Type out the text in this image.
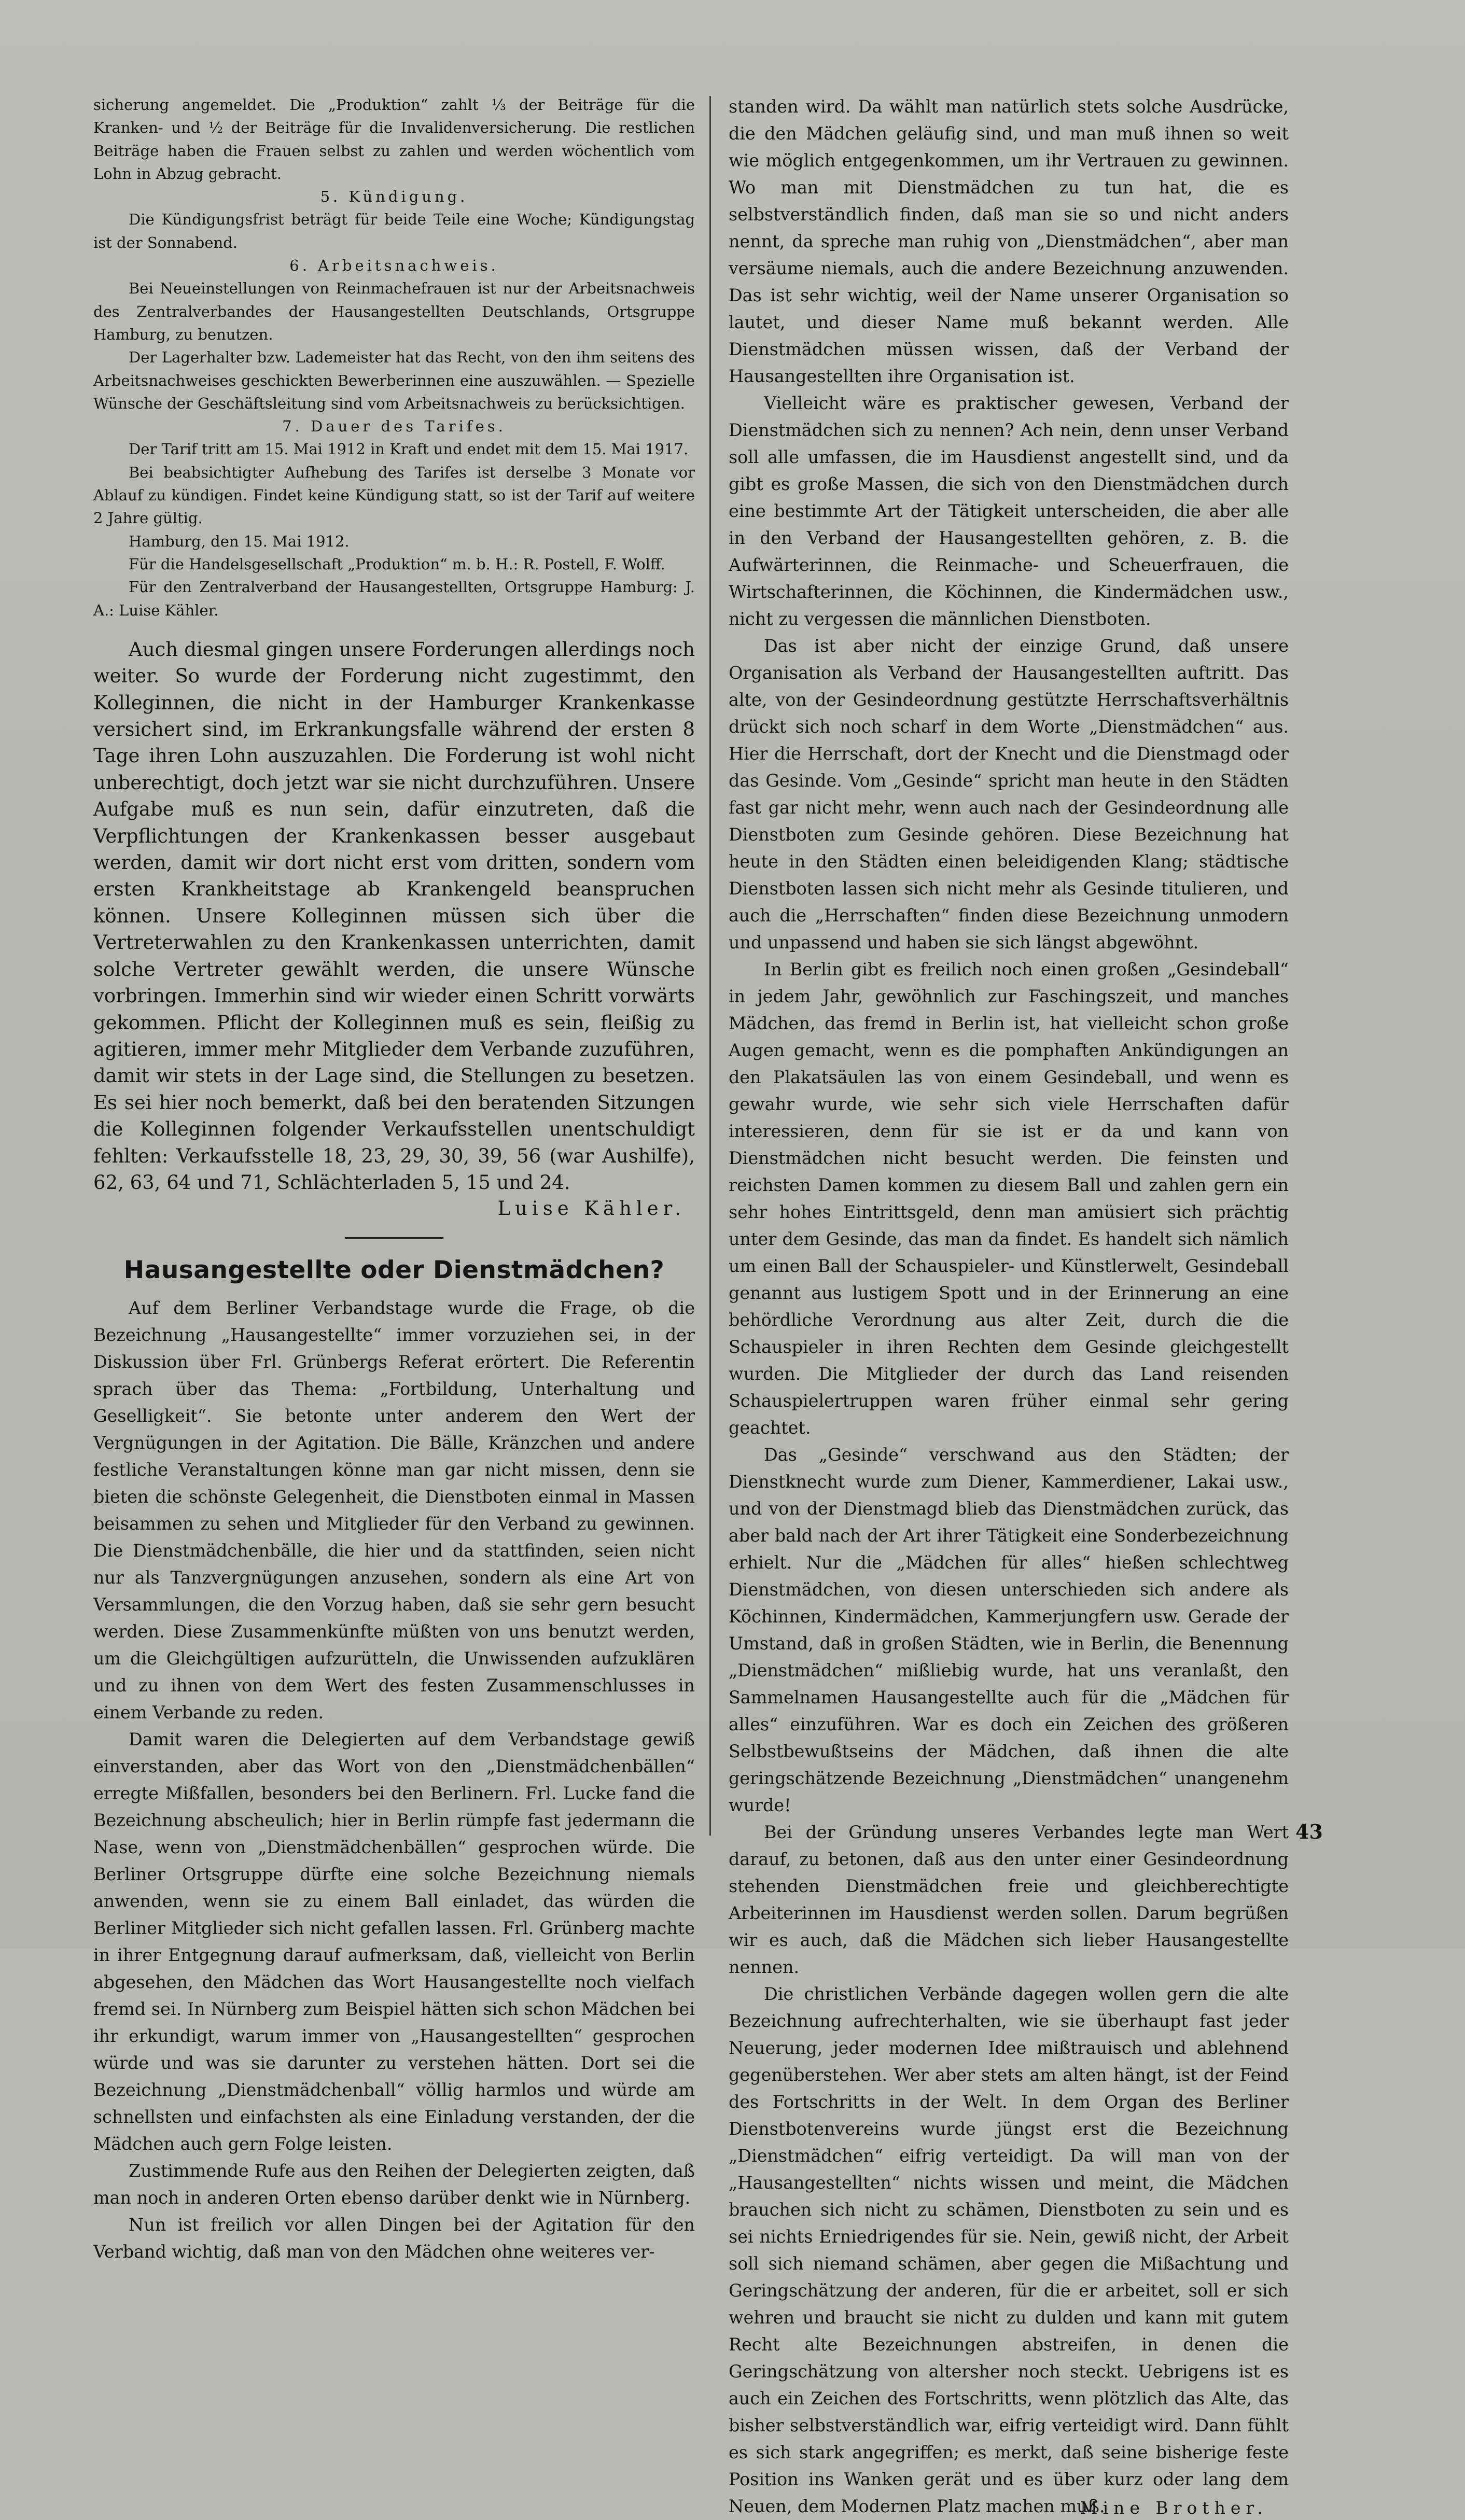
sicherung angemeldet. Die „Produktion“ zahlt ⅓ der Beiträge für die Kranken- und ½ der Beiträge für die Invalidenversicherung. Die restlichen Beiträge haben die Frauen selbst zu zahlen und werden wöchentlich vom Lohn in Abzug gebracht.

5. Kündigung.

Die Kündigungsfrist beträgt für beide Teile eine Woche; Kündigungstag ist der Sonnabend.

6. Arbeitsnachweis.

Bei Neueinstellungen von Reinmachefrauen ist nur der Arbeitsnachweis des Zentralverbandes der Hausangestellten Deutschlands, Ortsgruppe Hamburg, zu benutzen.

Der Lagerhalter bzw. Lademeister hat das Recht, von den ihm seitens des Arbeitsnachweises geschickten Bewerberinnen eine auszuwählen. — Spezielle Wünsche der Geschäftsleitung sind vom Arbeitsnachweis zu berücksichtigen.

7. Dauer des Tarifes.

Der Tarif tritt am 15. Mai 1912 in Kraft und endet mit dem 15. Mai 1917.

Bei beabsichtigter Aufhebung des Tarifes ist derselbe 3 Monate vor Ablauf zu kündigen. Findet keine Kündigung statt, so ist der Tarif auf weitere 2 Jahre gültig.

Hamburg, den 15. Mai 1912.

Für die Handelsgesellschaft „Produktion“ m. b. H.: R. Postell, F. Wolff.

Für den Zentralverband der Hausangestellten, Ortsgruppe Hamburg: J. A.: Luise Kähler.

Auch diesmal gingen unsere Forderungen allerdings noch weiter. So wurde der Forderung nicht zugestimmt, den Kolleginnen, die nicht in der Hamburger Krankenkasse versichert sind, im Erkrankungsfalle während der ersten 8 Tage ihren Lohn auszuzahlen. Die Forderung ist wohl nicht unberechtigt, doch jetzt war sie nicht durchzuführen. Unsere Aufgabe muß es nun sein, dafür einzutreten, daß die Verpflichtungen der Krankenkassen besser ausgebaut werden, damit wir dort nicht erst vom dritten, sondern vom ersten Krankheitstage ab Krankengeld beanspruchen können. Unsere Kolleginnen müssen sich über die Vertreterwahlen zu den Krankenkassen unterrichten, damit solche Vertreter gewählt werden, die unsere Wünsche vorbringen. Immerhin sind wir wieder einen Schritt vorwärts gekommen. Pflicht der Kolleginnen muß es sein, fleißig zu agitieren, immer mehr Mitglieder dem Verbande zuzuführen, damit wir stets in der Lage sind, die Stellungen zu besetzen. Es sei hier noch bemerkt, daß bei den beratenden Sitzungen die Kolleginnen folgender Verkaufsstellen unentschuldigt fehlten: Verkaufsstelle 18, 23, 29, 30, 39, 56 (war Aushilfe), 62, 63, 64 und 71, Schlächterladen 5, 15 und 24.

Luise Kähler.
Hausangestellte oder Dienstmädchen?

Auf dem Berliner Verbandstage wurde die Frage, ob die Bezeichnung „Hausangestellte“ immer vorzuziehen sei, in der Diskussion über Frl. Grünbergs Referat erörtert. Die Referentin sprach über das Thema: „Fortbildung, Unterhaltung und Geselligkeit“. Sie betonte unter anderem den Wert der Vergnügungen in der Agitation. Die Bälle, Kränzchen und andere festliche Veranstaltungen könne man gar nicht missen, denn sie bieten die schönste Gelegenheit, die Dienstboten einmal in Massen beisammen zu sehen und Mitglieder für den Verband zu gewinnen. Die Dienstmädchenbälle, die hier und da stattfinden, seien nicht nur als Tanzvergnügungen anzusehen, sondern als eine Art von Versammlungen, die den Vorzug haben, daß sie sehr gern besucht werden. Diese Zusammenkünfte müßten von uns benutzt werden, um die Gleichgültigen aufzurütteln, die Unwissenden aufzuklären und zu ihnen von dem Wert des festen Zusammenschlusses in einem Verbande zu reden.

Damit waren die Delegierten auf dem Verbandstage gewiß einverstanden, aber das Wort von den „Dienstmädchenbällen“ erregte Mißfallen, besonders bei den Berlinern. Frl. Lucke fand die Bezeichnung abscheulich; hier in Berlin rümpfe fast jedermann die Nase, wenn von „Dienstmädchenbällen“ gesprochen würde. Die Berliner Ortsgruppe dürfte eine solche Bezeichnung niemals anwenden, wenn sie zu einem Ball einladet, das würden die Berliner Mitglieder sich nicht gefallen lassen. Frl. Grünberg machte in ihrer Entgegnung darauf aufmerksam, daß, vielleicht von Berlin abgesehen, den Mädchen das Wort Hausangestellte noch vielfach fremd sei. In Nürnberg zum Beispiel hätten sich schon Mädchen bei ihr erkundigt, warum immer von „Hausangestellten“ gesprochen würde und was sie darunter zu verstehen hätten. Dort sei die Bezeichnung „Dienstmädchenball“ völlig harmlos und würde am schnellsten und einfachsten als eine Einladung verstanden, der die Mädchen auch gern Folge leisten.

Zustimmende Rufe aus den Reihen der Delegierten zeigten, daß man noch in anderen Orten ebenso darüber denkt wie in Nürnberg.

Nun ist freilich vor allen Dingen bei der Agitation für den Verband wichtig, daß man von den Mädchen ohne weiteres ver-

standen wird. Da wählt man natürlich stets solche Ausdrücke, die den Mädchen geläufig sind, und man muß ihnen so weit wie möglich entgegenkommen, um ihr Vertrauen zu gewinnen. Wo man mit Dienstmädchen zu tun hat, die es selbstverständlich finden, daß man sie so und nicht anders nennt, da spreche man ruhig von „Dienstmädchen“, aber man versäume niemals, auch die andere Bezeichnung anzuwenden. Das ist sehr wichtig, weil der Name unserer Organisation so lautet, und dieser Name muß bekannt werden. Alle Dienstmädchen müssen wissen, daß der Verband der Hausangestellten ihre Organisation ist.

Vielleicht wäre es praktischer gewesen, Verband der Dienstmädchen sich zu nennen? Ach nein, denn unser Verband soll alle umfassen, die im Hausdienst angestellt sind, und da gibt es große Massen, die sich von den Dienstmädchen durch eine bestimmte Art der Tätigkeit unterscheiden, die aber alle in den Verband der Hausangestellten gehören, z. B. die Aufwärterinnen, die Reinmache- und Scheuerfrauen, die Wirtschafterinnen, die Köchinnen, die Kindermädchen usw., nicht zu vergessen die männlichen Dienstboten.

Das ist aber nicht der einzige Grund, daß unsere Organisation als Verband der Hausangestellten auftritt. Das alte, von der Gesindeordnung gestützte Herrschaftsverhältnis drückt sich noch scharf in dem Worte „Dienstmädchen“ aus. Hier die Herrschaft, dort der Knecht und die Dienstmagd oder das Gesinde. Vom „Gesinde“ spricht man heute in den Städten fast gar nicht mehr, wenn auch nach der Gesindeordnung alle Dienstboten zum Gesinde gehören. Diese Bezeichnung hat heute in den Städten einen beleidigenden Klang; städtische Dienstboten lassen sich nicht mehr als Gesinde titulieren, und auch die „Herrschaften“ finden diese Bezeichnung unmodern und unpassend und haben sie sich längst abgewöhnt.

In Berlin gibt es freilich noch einen großen „Gesindeball“ in jedem Jahr, gewöhnlich zur Faschingszeit, und manches Mädchen, das fremd in Berlin ist, hat vielleicht schon große Augen gemacht, wenn es die pomphaften Ankündigungen an den Plakatsäulen las von einem Gesindeball, und wenn es gewahr wurde, wie sehr sich viele Herrschaften dafür interessieren, denn für sie ist er da und kann von Dienstmädchen nicht besucht werden. Die feinsten und reichsten Damen kommen zu diesem Ball und zahlen gern ein sehr hohes Eintrittsgeld, denn man amüsiert sich prächtig unter dem Gesinde, das man da findet. Es handelt sich nämlich um einen Ball der Schauspieler- und Künstlerwelt, Gesindeball genannt aus lustigem Spott und in der Erinnerung an eine behördliche Verordnung aus alter Zeit, durch die die Schauspieler in ihren Rechten dem Gesinde gleichgestellt wurden. Die Mitglieder der durch das Land reisenden Schauspielertruppen waren früher einmal sehr gering geachtet.

Das „Gesinde“ verschwand aus den Städten; der Dienstknecht wurde zum Diener, Kammerdiener, Lakai usw., und von der Dienstmagd blieb das Dienstmädchen zurück, das aber bald nach der Art ihrer Tätigkeit eine Sonderbezeichnung erhielt. Nur die „Mädchen für alles“ hießen schlechtweg Dienstmädchen, von diesen unterschieden sich andere als Köchinnen, Kindermädchen, Kammerjungfern usw. Gerade der Umstand, daß in großen Städten, wie in Berlin, die Benennung „Dienstmädchen“ mißliebig wurde, hat uns veranlaßt, den Sammelnamen Hausangestellte auch für die „Mädchen für alles“ einzuführen. War es doch ein Zeichen des größeren Selbstbewußtseins der Mädchen, daß ihnen die alte geringschätzende Bezeichnung „Dienstmädchen“ unangenehm wurde!

Bei der Gründung unseres Verbandes legte man Wert darauf, zu betonen, daß aus den unter einer Gesindeordnung stehenden Dienstmädchen freie und gleichberechtigte Arbeiterinnen im Hausdienst werden sollen. Darum begrüßen wir es auch, daß die Mädchen sich lieber Hausangestellte nennen.

Die christlichen Verbände dagegen wollen gern die alte Bezeichnung aufrechterhalten, wie sie überhaupt fast jeder Neuerung, jeder modernen Idee mißtrauisch und ablehnend gegenüberstehen. Wer aber stets am alten hängt, ist der Feind des Fortschritts in der Welt. In dem Organ des Berliner Dienstbotenvereins wurde jüngst erst die Bezeichnung „Dienstmädchen“ eifrig verteidigt. Da will man von der „Hausangestellten“ nichts wissen und meint, die Mädchen brauchen sich nicht zu schämen, Dienstboten zu sein und es sei nichts Erniedrigendes für sie. Nein, gewiß nicht, der Arbeit soll sich niemand schämen, aber gegen die Mißachtung und Geringschätzung der anderen, für die er arbeitet, soll er sich wehren und braucht sie nicht zu dulden und kann mit gutem Recht alte Bezeichnungen abstreifen, in denen die Geringschätzung von altersher noch steckt. Uebrigens ist es auch ein Zeichen des Fortschritts, wenn plötzlich das Alte, das bisher selbstverständlich war, eifrig verteidigt wird. Dann fühlt es sich stark angegriffen; es merkt, daß seine bisherige feste Position ins Wanken gerät und es über kurz oder lang dem Neuen, dem Modernen Platz machen muß.

Mine Brother.
43
